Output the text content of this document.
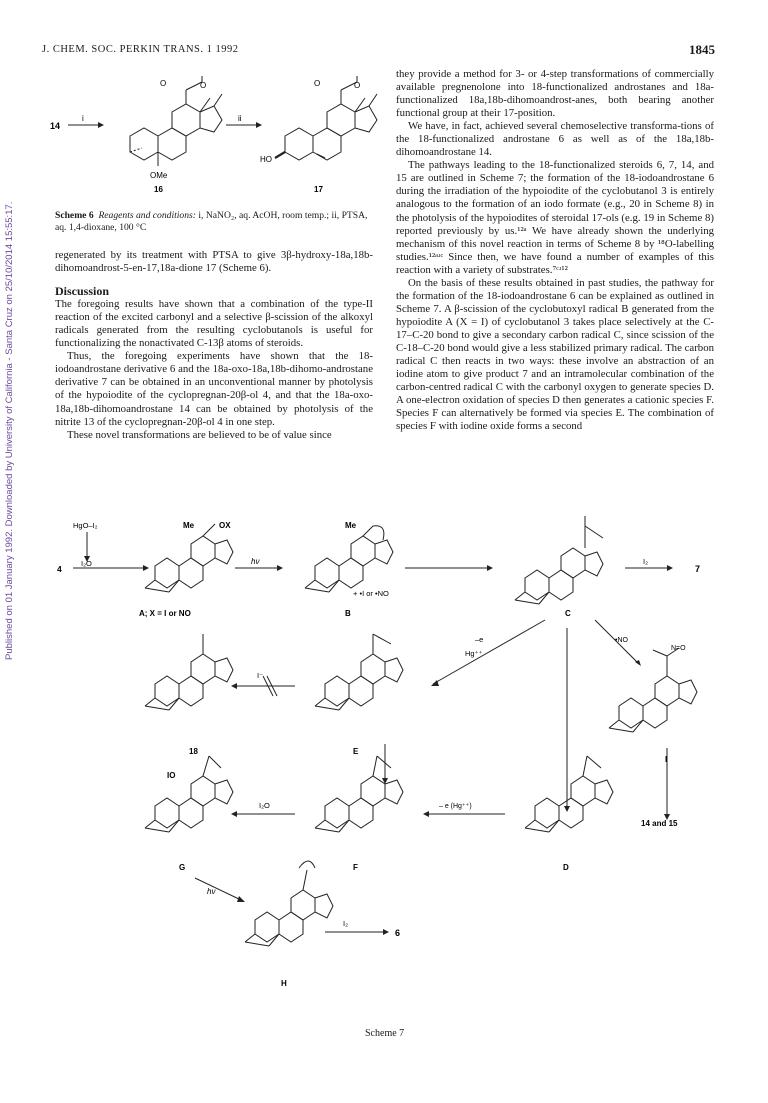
J. CHEM. SOC. PERKIN TRANS. 1 1992	1845
Published on 01 January 1992. Downloaded by University of California - Santa Cruz on 25/10/2014 15:55:17.
14
i	ii
O	O	O	O
OMe
HO
16	17
Scheme 6 Reagents and conditions: i, NaNO₂, aq. AcOH, room temp.; ii, PTSA, aq. 1,4-dioxane, 100 °C

regenerated by its treatment with PTSA to give 3β-hydroxy-18a,18b-dihomoandrost-5-en-17,18a-dione 17 (Scheme 6).

Discussion

The foregoing results have shown that a combination of the type-II reaction of the excited carbonyl and a selective β-scission of the alkoxyl radicals generated from the resulting cyclobutanols is useful for functionalizing the nonactivated C-13β atoms of steroids.

Thus, the foregoing experiments have shown that the 18-iodoandrostane derivative 6 and the 18a-oxo-18a,18b-dihomo-androstane derivative 7 can be obtained in an unconventional manner by photolysis of the hypoiodite of the cyclopregnan-20β-ol 4, and that the 18a-oxo-18a,18b-dihomoandrostane 14 can be obtained by photolysis of the nitrite 13 of the cyclopregnan-20β-ol 4 in one step.

These novel transformations are believed to be of value since

they provide a method for 3- or 4-step transformations of commercially available pregnenolone into 18-functionalized androstanes and 18a-functionalized 18a,18b-dihomoandrost-anes, both bearing another functional group at their 17-position.

We have, in fact, achieved several chemoselective transforma-tions of the 18-functionalized androstane 6 as well as of the 18a,18b-dihomoandrostane 14.

The pathways leading to the 18-functionalized steroids 6, 7, 14, and 15 are outlined in Scheme 7; the formation of the 18-iodoandrostane 6 during the irradiation of the hypoiodite of the cyclobutanol 3 is entirely analogous to the formation of an iodo formate (e.g., 20 in Scheme 8) in the photolysis of the hypoiodites of steroidal 17-ols (e.g. 19 in Scheme 8) reported previously by us.¹²ᵃ We have already shown the underlying mechanism of this novel reaction in terms of Scheme 8 by ¹⁸O-labelling studies.¹²ᵃʴᶜ Since then, we have found a number of examples of this reaction with a variety of substrates.⁷ᶜʴ¹²

On the basis of these results obtained in past studies, the pathway for the formation of the 18-iodoandrostane 6 can be explained as outlined in Scheme 7. A β-scission of the cyclobutoxyl radical B generated from the hypoiodite A (X = I) of cyclobutanol 3 takes place selectively at the C-17–C-20 bond to give a secondary carbon radical C, since scission of the C-18–C-20 bond would give a less stabilized primary radical. The carbon radical C then reacts in two ways: these involve an abstraction of an iodine atom to give product 7 and an intramolecular combination of the carbon-centred radical C with the carbonyl oxygen to generate species D. A one-electron oxidation of species D then generates a cationic species F. Species F can alternatively be formed via species E. The combination of species F with iodine oxide forms a second

4
HgO–I₂
I₂O
Me	OX
hν
Me
A; X = I or NO
+ •I or •NO
B	C
I₂
7
–e
Hg⁺⁺
•NO
N=O
I
I⁻
18	E
IO
I₂O	– e (Hg⁺⁺)
14 and 15
G	F	D
hν
I₂
6
H
Scheme 7
